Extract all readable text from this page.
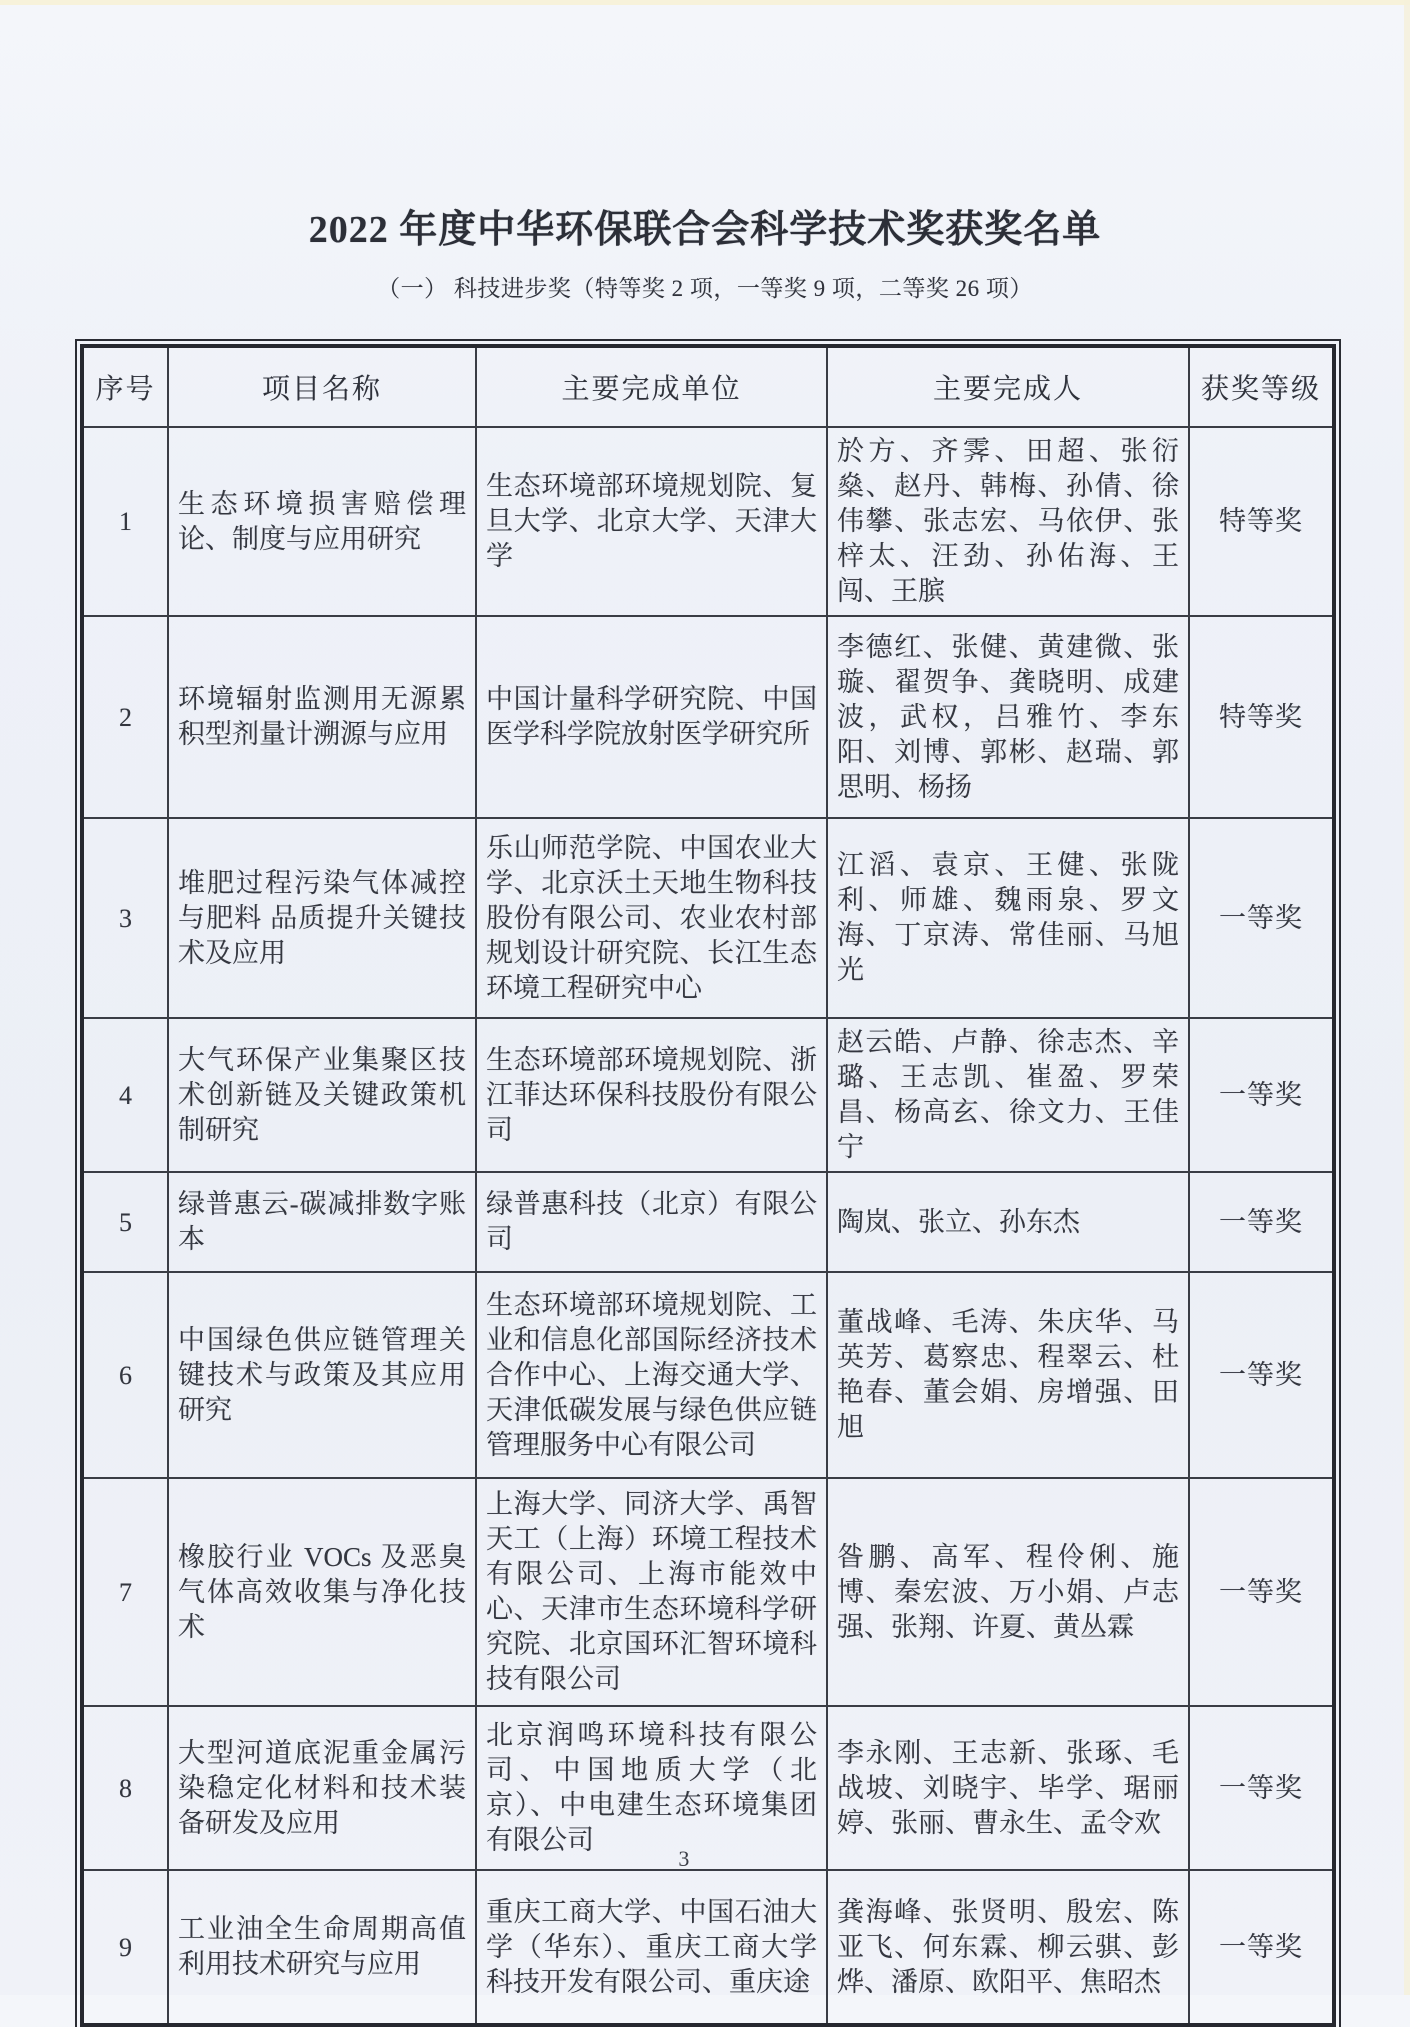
2022 年度中华环保联合会科学技术奖获奖名单
（一） 科技进步奖（特等奖 2 项，一等奖 9 项，二等奖 26 项）
序号	项目名称	主要完成单位	主要完成人	获奖等级
1	生态环境损害赔偿理论、制度与应用研究	生态环境部环境规划院、复旦大学、北京大学、天津大学	於方、齐霁、田超、张衍燊、赵丹、韩梅、孙倩、徐伟攀、张志宏、马依伊、张梓太、汪劲、孙佑海、王闯、王膑	特等奖
2	环境辐射监测用无源累积型剂量计溯源与应用	中国计量科学研究院、中国医学科学院放射医学研究所	李德红、张健、黄建微、张璇、翟贺争、龚晓明、成建波，武权，吕雅竹、李东阳、刘博、郭彬、赵瑞、郭思明、杨扬	特等奖
3	堆肥过程污染气体减控与肥料 品质提升关键技术及应用	乐山师范学院、中国农业大学、北京沃土天地生物科技股份有限公司、农业农村部规划设计研究院、长江生态环境工程研究中心	江滔、袁京、王健、张陇利、师雄、魏雨泉、罗文海、丁京涛、常佳丽、马旭光	一等奖
4	大气环保产业集聚区技术创新链及关键政策机制研究	生态环境部环境规划院、浙江菲达环保科技股份有限公司	赵云皓、卢静、徐志杰、辛璐、王志凯、崔盈、罗荣昌、杨高玄、徐文力、王佳宁	一等奖
5	绿普惠云-碳减排数字账本	绿普惠科技（北京）有限公司	陶岚、张立、孙东杰	一等奖
6	中国绿色供应链管理关键技术与政策及其应用研究	生态环境部环境规划院、工业和信息化部国际经济技术合作中心、上海交通大学、天津低碳发展与绿色供应链管理服务中心有限公司	董战峰、毛涛、朱庆华、马英芳、葛察忠、程翠云、杜艳春、董会娟、房增强、田旭	一等奖
7	橡胶行业 VOCs 及恶臭气体高效收集与净化技术	上海大学、同济大学、禹智天工（上海）环境工程技术有限公司、上海市能效中心、天津市生态环境科学研究院、北京国环汇智环境科技有限公司	昝鹏、高军、程伶俐、施博、秦宏波、万小娟、卢志强、张翔、许夏、黄丛霖	一等奖
8	大型河道底泥重金属污染稳定化材料和技术装备研发及应用	北京润鸣环境科技有限公司、中国地质大学（北京）、中电建生态环境集团有限公司	李永刚、王志新、张琢、毛战坡、刘晓宇、毕学、琚丽婷、张丽、曹永生、孟令欢	一等奖
9	工业油全生命周期高值利用技术研究与应用	重庆工商大学、中国石油大学（华东）、重庆工商大学科技开发有限公司、重庆途	龚海峰、张贤明、殷宏、陈亚飞、何东霖、柳云骐、彭烨、潘原、欧阳平、焦昭杰	一等奖
3
